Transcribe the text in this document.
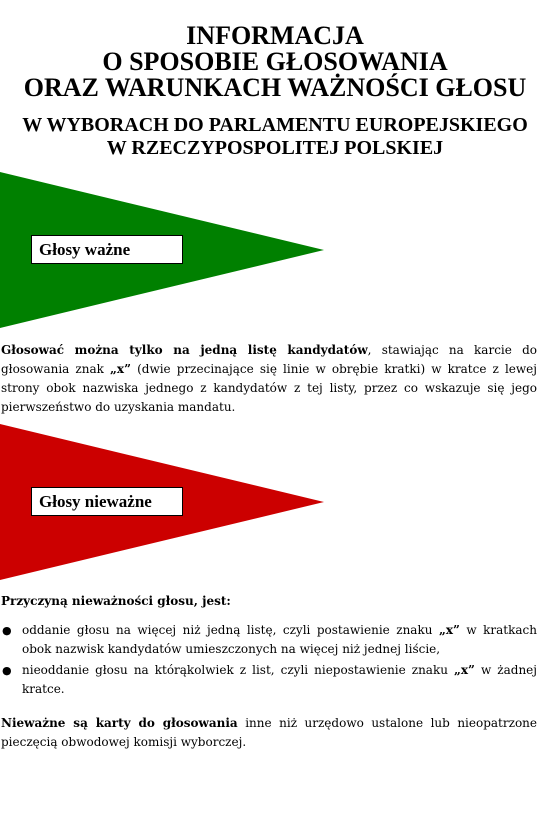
INFORMACJA
O SPOSOBIE GŁOSOWANIA
ORAZ WARUNKACH WAŻNOŚCI GŁOSU
W WYBORACH DO PARLAMENTU EUROPEJSKIEGO
W RZECZYPOSPOLITEJ POLSKIEJ
Głosy ważne
Głosować można tylko na jedną listę kandydatów, stawiając na karcie do głosowania znak „x” (dwie przecinające się linie w obrębie kratki) w kratce z lewej strony obok nazwiska jednego z kandydatów z tej listy, przez co wskazuje się jego pierwszeństwo do uzyskania mandatu.
Głosy nieważne
Przyczyną nieważności głosu, jest:
● oddanie głosu na więcej niż jedną listę, czyli postawienie znaku „x” w kratkach obok nazwisk kandydatów umieszczonych na więcej niż jednej liście,
● nieoddanie głosu na którąkolwiek z list, czyli niepostawienie znaku „x” w żadnej kratce.
Nieważne są karty do głosowania inne niż urzędowo ustalone lub nieopatrzone pieczęcią obwodowej komisji wyborczej.
